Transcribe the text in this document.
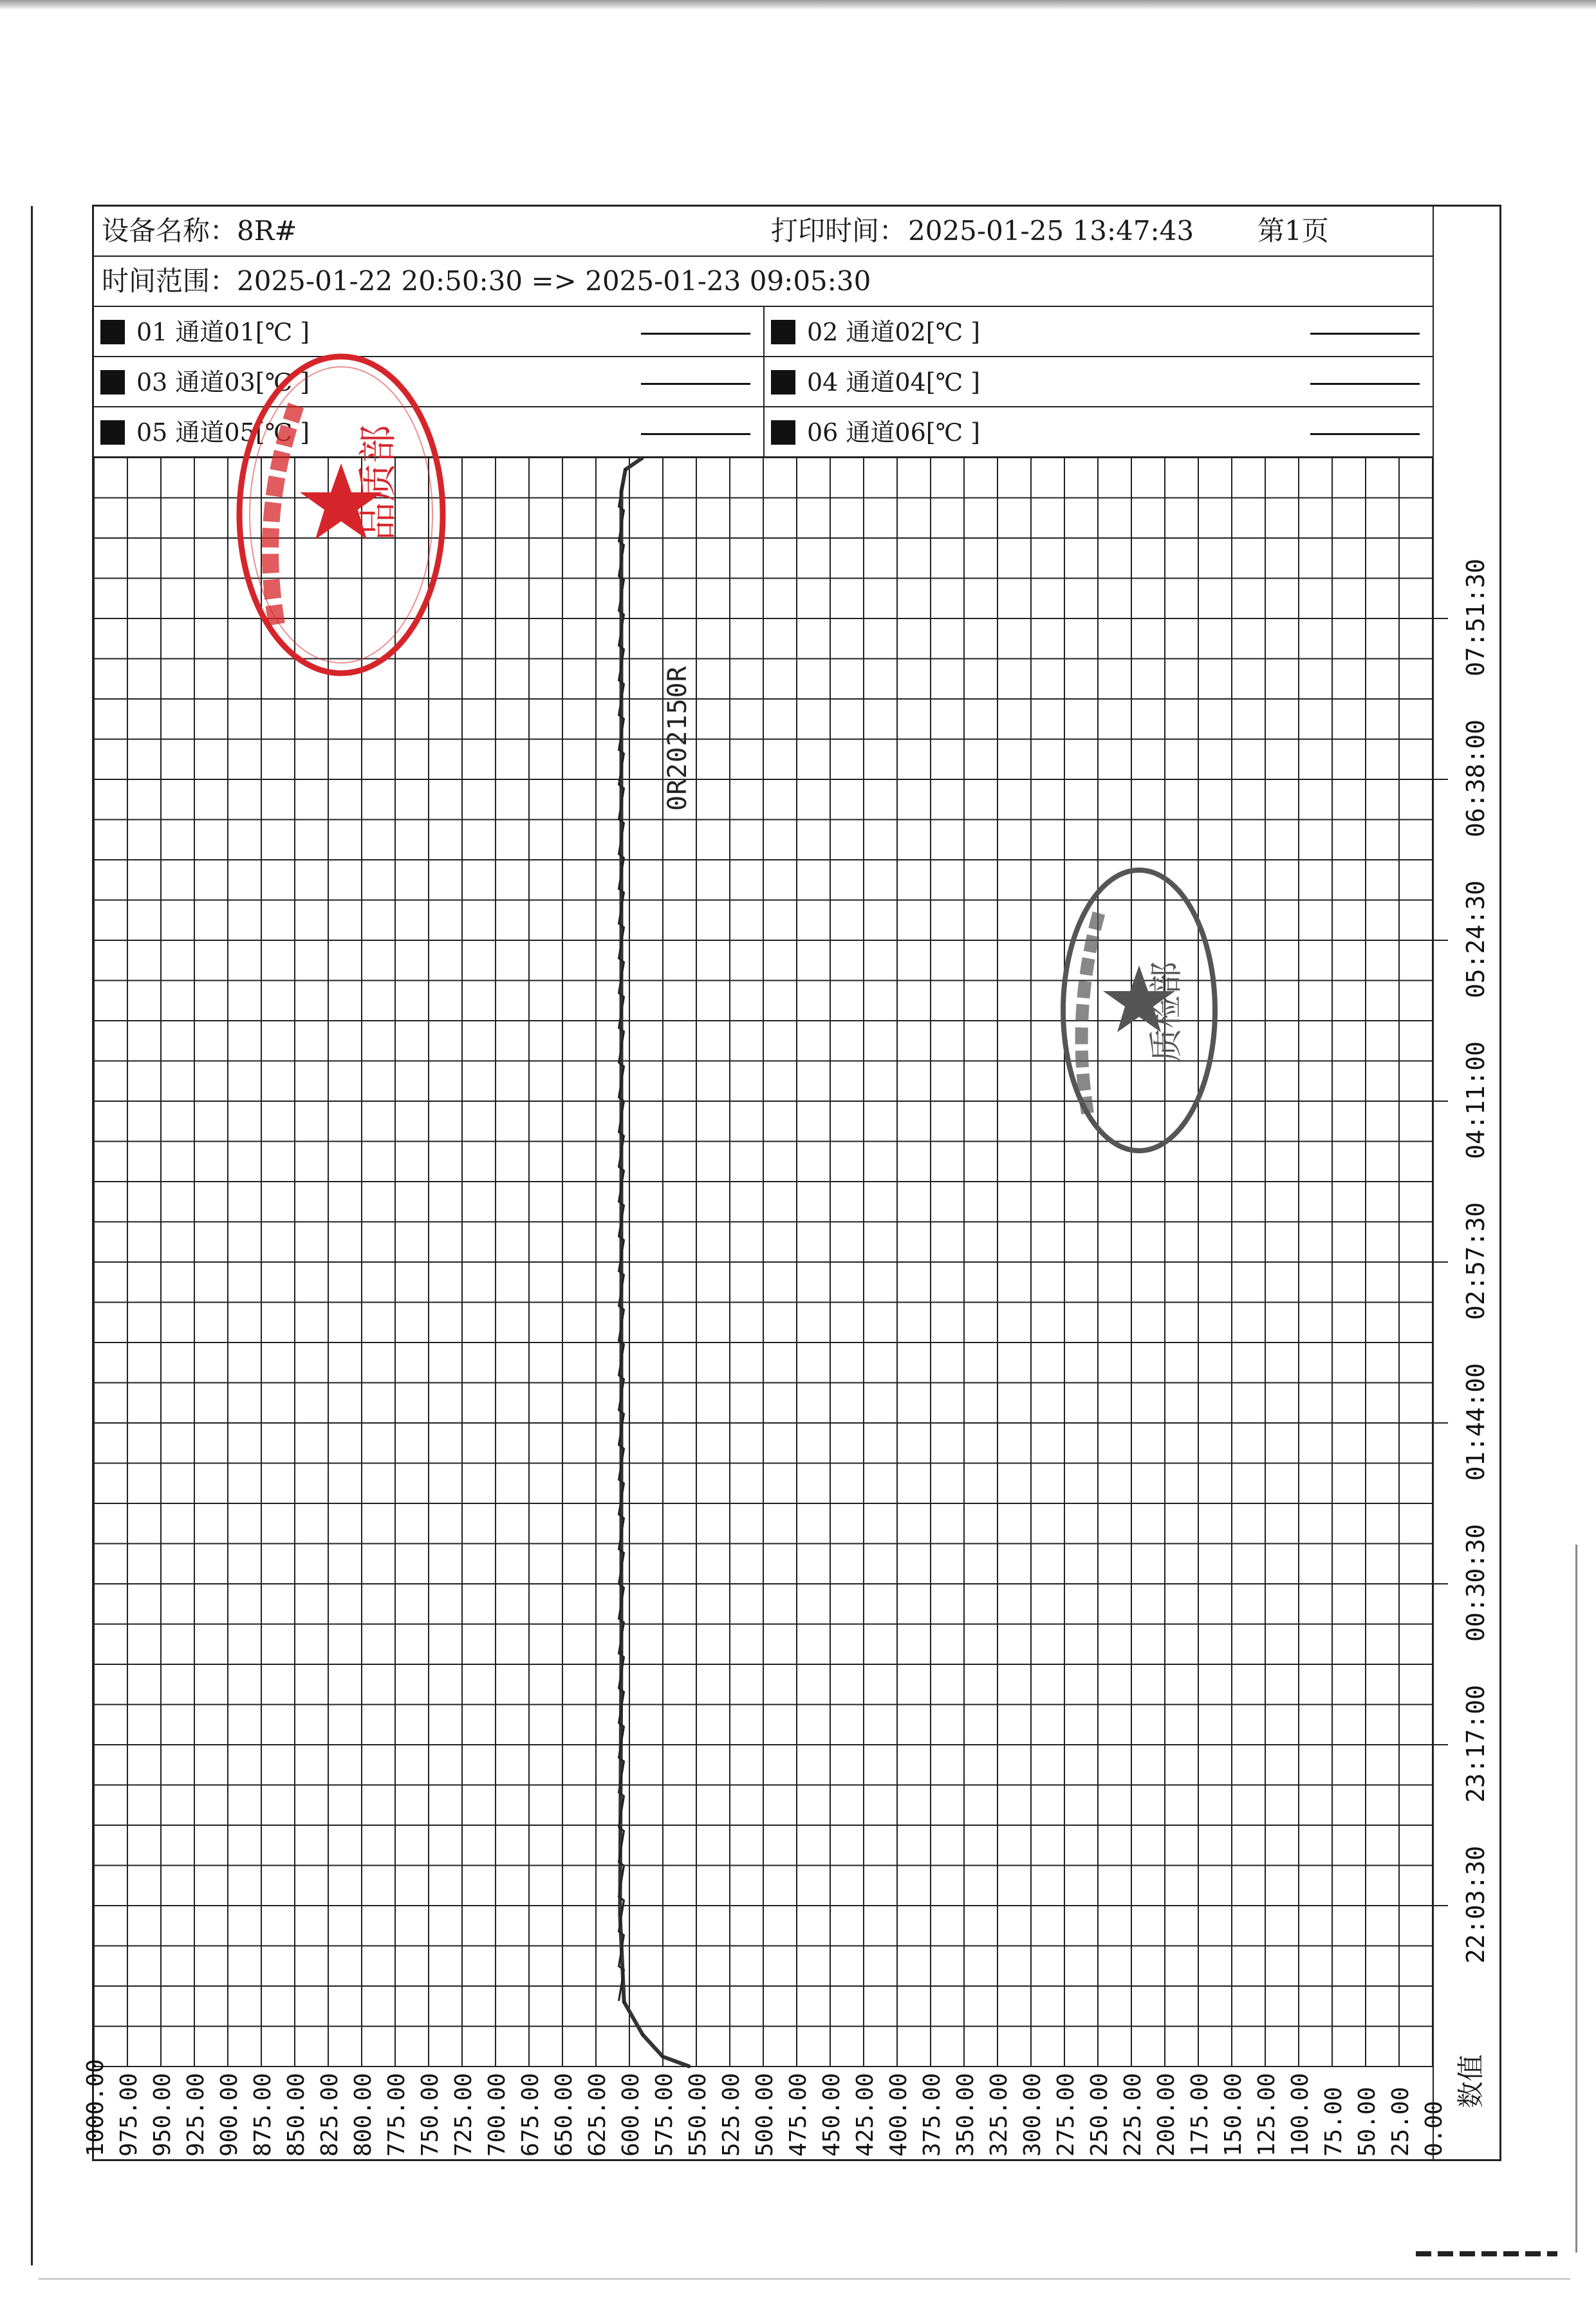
设备名称： 8R#	打印时间： 2025-01-25 13:47:43 第1页
时间范围： 2025-01-22 20:50:30 => 2025-01-23 09:05:30
01 通道01[℃ ]	02 通道02[℃ ]
03 通道03[℃ ]	04 通道04[℃ ]
05 通道05[℃ ]	06 通道06[℃ ]
1000.00 975.00 950.00 925.00 900.00 875.00 850.00 825.00 800.00 775.00 750.00 725.00 700.00 675.00 650.00 625.00 600.00 575.00 550.00 525.00 500.00 475.00 450.00 425.00 400.00 375.00 350.00 325.00 300.00 275.00 250.00 225.00 200.00 175.00 150.00 125.00 100.00 75.00 50.00 25.00 0.00
22:03:30
23:17:00
00:30:30
01:44:00
02:57:30
04:11:00
05:24:30
06:38:00
07:51:30
数值
品质部
质检部
0R202150R
